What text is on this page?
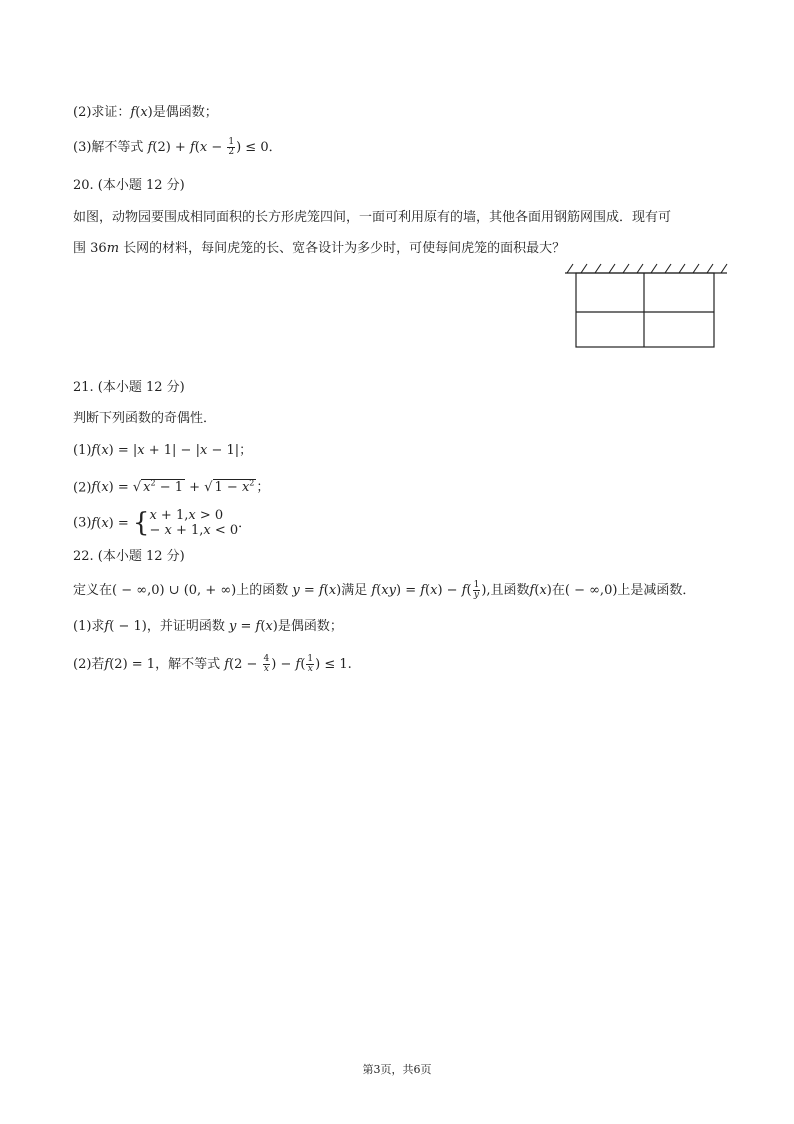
(2)求证：f(x)是偶函数；
(3)解不等式 $f(2) + f(x - \frac{1}{2}$ ) ≤ 0．
20. (本小题 12 分)
如图，动物园要围成相同面积的长方形虎笼四间，一面可利用原有的墙，其他各面用钢筋网围成．现有可
围 36m 长网的材料，每间虎笼的长、宽各设计为多少时，可使每间虎笼的面积最大？
21. (本小题 12 分)
判断下列函数的奇偶性．
(1)f(x) = |x + 1| − |x − 1|；
(2)f(x) = √ $x^2 - 1$ + √ $1 - x^2$ ；
(3)f(x) = { x + 1,x > 0
− x + 1,x < 0 ．
22. (本小题 12 分)
定义在( − ∞,0) ∪ (0, + ∞)上的函数 y = f(x)满足 $f(xy) = f(x) - f( \frac{1}{y}$ ),且函数f(x)在( − ∞,0)上是减函数．
(1)求f( − 1)，并证明函数 y = f(x)是偶函数；
(2)若f(2) = 1，解不等式 $f(2 - \frac{4}{x}$ ) − $f( \frac{1}{x}$ ) ≤ 1.
第3页，共6页
